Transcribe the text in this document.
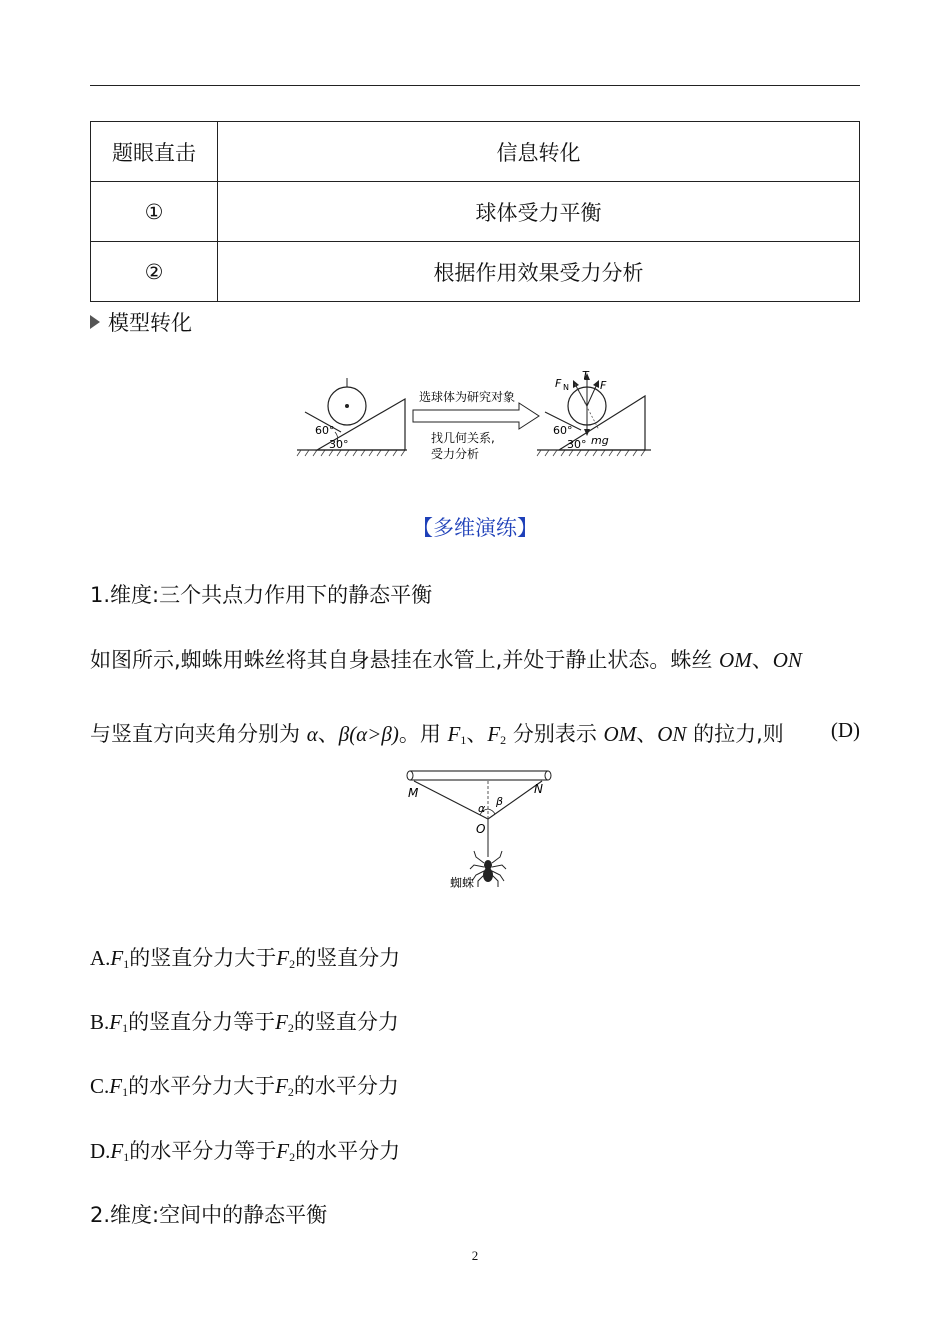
题眼直击	信息转化
①	球体受力平衡
②	根据作用效果受力分析
模型转化
60°
30°
选球体为研究对象
找几何关系,
受力分析
F N
T
F
mg
60°
30°
【多维演练】
1.维度:三个共点力作用下的静态平衡
如图所示,蜘蛛用蛛丝将其自身悬挂在水管上,并处于静止状态。蛛丝 OM、ON
与竖直方向夹角分别为 α、β(α>β)。用 $F_1$、$F_2$ 分别表示 OM、ON 的拉力,则 (D)
M	N
O
α
β
蜘蛛
$A.F_1$的竖直分力大于$F_2$的竖直分力
$B.F_1$的竖直分力等于$F_2$的竖直分力
$C.F_1$的水平分力大于$F_2$的水平分力
$D.F_1$的水平分力等于$F_2$的水平分力
2.维度:空间中的静态平衡
2
